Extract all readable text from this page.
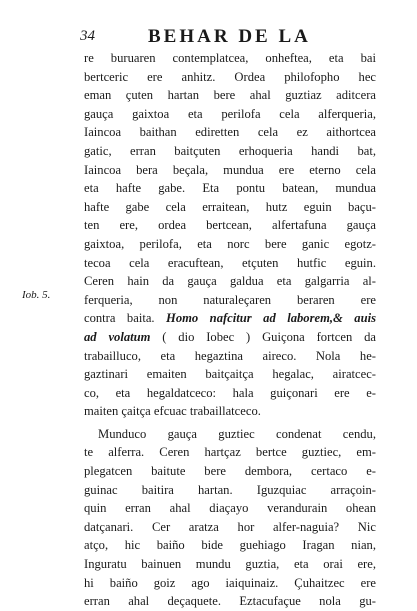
34	BEHAR DE LA
Iob. 5.
re buruaren contemplatcea, onheftea, eta bai
bertceric ere anhitz. Ordea philofopho hec
eman çuten hartan bere ahal guztiaz aditcera
gauça gaixtoa eta perilofa cela alferqueria,
Iaincoa baithan ediretten cela ez aithortcea
gatic, erran baitçuten erhoqueria handi bat,
Iaincoa bera beçala, mundua ere eterno cela
eta hafte gabe. Eta pontu batean, mundua
hafte gabe cela erraitean, hutz eguin baçu-
ten ere, ordea bertcean, alfertafuna gauça
gaixtoa, perilofa, eta norc bere ganic egotz-
tecoa cela eracuftean, etçuten hutfic eguin.
Ceren hain da gauça galdua eta galgarria al-
ferqueria, non naturaleçaren beraren ere
contra baita. Homo nafcitur ad laborem,& auis
ad volatum ( dio Iobec ) Guiçona fortcen da
trabailluco, eta hegaztina aireco. Nola he-
gaztinari emaiten baitçaitça hegalac, airatcec-
co, eta hegaldatceco: hala guiçonari ere e-
maiten çaitça efcuac trabaillatceco.
Munduco gauça guztiec condenat cendu,
te alferra. Ceren hartçaz bertce guztiec, em-
plegatcen baitute bere dembora, certaco e-
guinac baitira hartan. Iguzquiac arraçoin-
quin erran ahal diaçayo verandurain ohean
datçanari. Cer aratza hor alfer-naguia? Nic
atço, hic baiño bide guehiago Iragan nian,
Inguratu bainuen mundu guztia, eta orai ere,
hi baiño goiz ago iaiquinaiz. Çuhaitzec ere
erran ahal deçaquete. Eztacufaçue nola gu-
